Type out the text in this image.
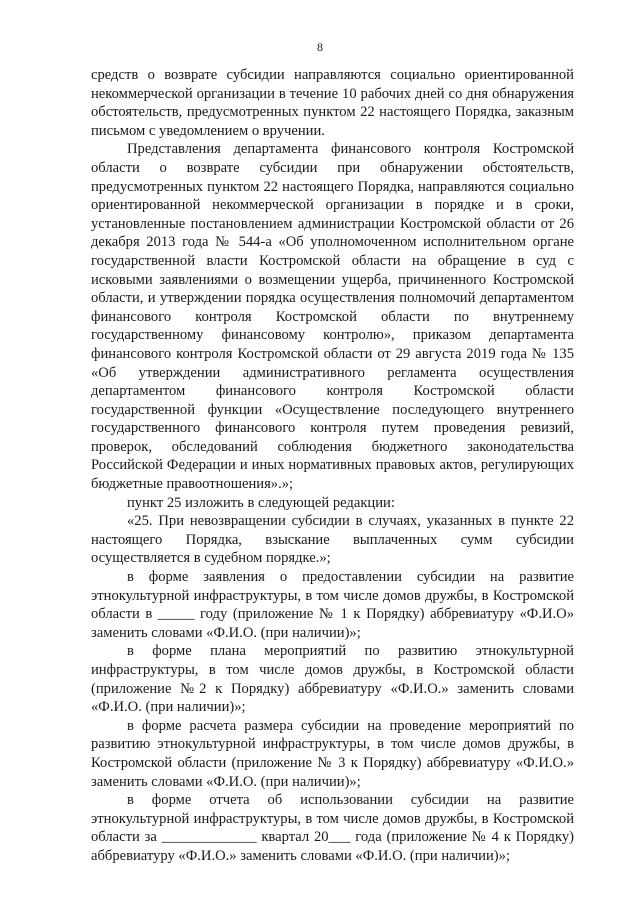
8

средств о возврате субсидии направляются социально ориентированной некоммерческой организации в течение 10 рабочих дней со дня обнаружения обстоятельств, предусмотренных пунктом 22 настоящего Порядка, заказным письмом с уведомлением о вручении.

Представления департамента финансового контроля Костромской области о возврате субсидии при обнаружении обстоятельств, предусмотренных пунктом 22 настоящего Порядка, направляются социально ориентированной некоммерческой организации в порядке и в сроки, установленные постановлением администрации Костромской области от 26 декабря 2013 года № 544-а «Об уполномоченном исполнительном органе государственной власти Костромской области на обращение в суд с исковыми заявлениями о возмещении ущерба, причиненного Костромской области, и утверждении порядка осуществления полномочий департаментом финансового контроля Костромской области по внутреннему государственному финансовому контролю», приказом департамента финансового контроля Костромской области от 29 августа 2019 года № 135 «Об утверждении административного регламента осуществления департаментом финансового контроля Костромской области государственной функции «Осуществление последующего внутреннего государственного финансового контроля путем проведения ревизий, проверок, обследований соблюдения бюджетного законодательства Российской Федерации и иных нормативных правовых актов, регулирующих бюджетные правоотношения».»;

пункт 25 изложить в следующей редакции:

«25. При невозвращении субсидии в случаях, указанных в пункте 22 настоящего Порядка, взыскание выплаченных сумм субсидии осуществляется в судебном порядке.»;

в форме заявления о предоставлении субсидии на развитие этнокультурной инфраструктуры, в том числе домов дружбы, в Костромской области в _____ году (приложение № 1 к Порядку) аббревиатуру «Ф.И.О» заменить словами «Ф.И.О. (при наличии)»;

в форме плана мероприятий по развитию этнокультурной инфраструктуры, в том числе домов дружбы, в Костромской области (приложение №2 к Порядку) аббревиатуру «Ф.И.О.» заменить словами «Ф.И.О. (при наличии)»;

в форме расчета размера субсидии на проведение мероприятий по развитию этнокультурной инфраструктуры, в том числе домов дружбы, в Костромской области (приложение № 3 к Порядку) аббревиатуру «Ф.И.О.» заменить словами «Ф.И.О. (при наличии)»;

в форме отчета об использовании субсидии на развитие этнокультурной инфраструктуры, в том числе домов дружбы, в Костромской области за _____________ квартал 20___ года (приложение № 4 к Порядку) аббревиатуру «Ф.И.О.» заменить словами «Ф.И.О. (при наличии)»;
